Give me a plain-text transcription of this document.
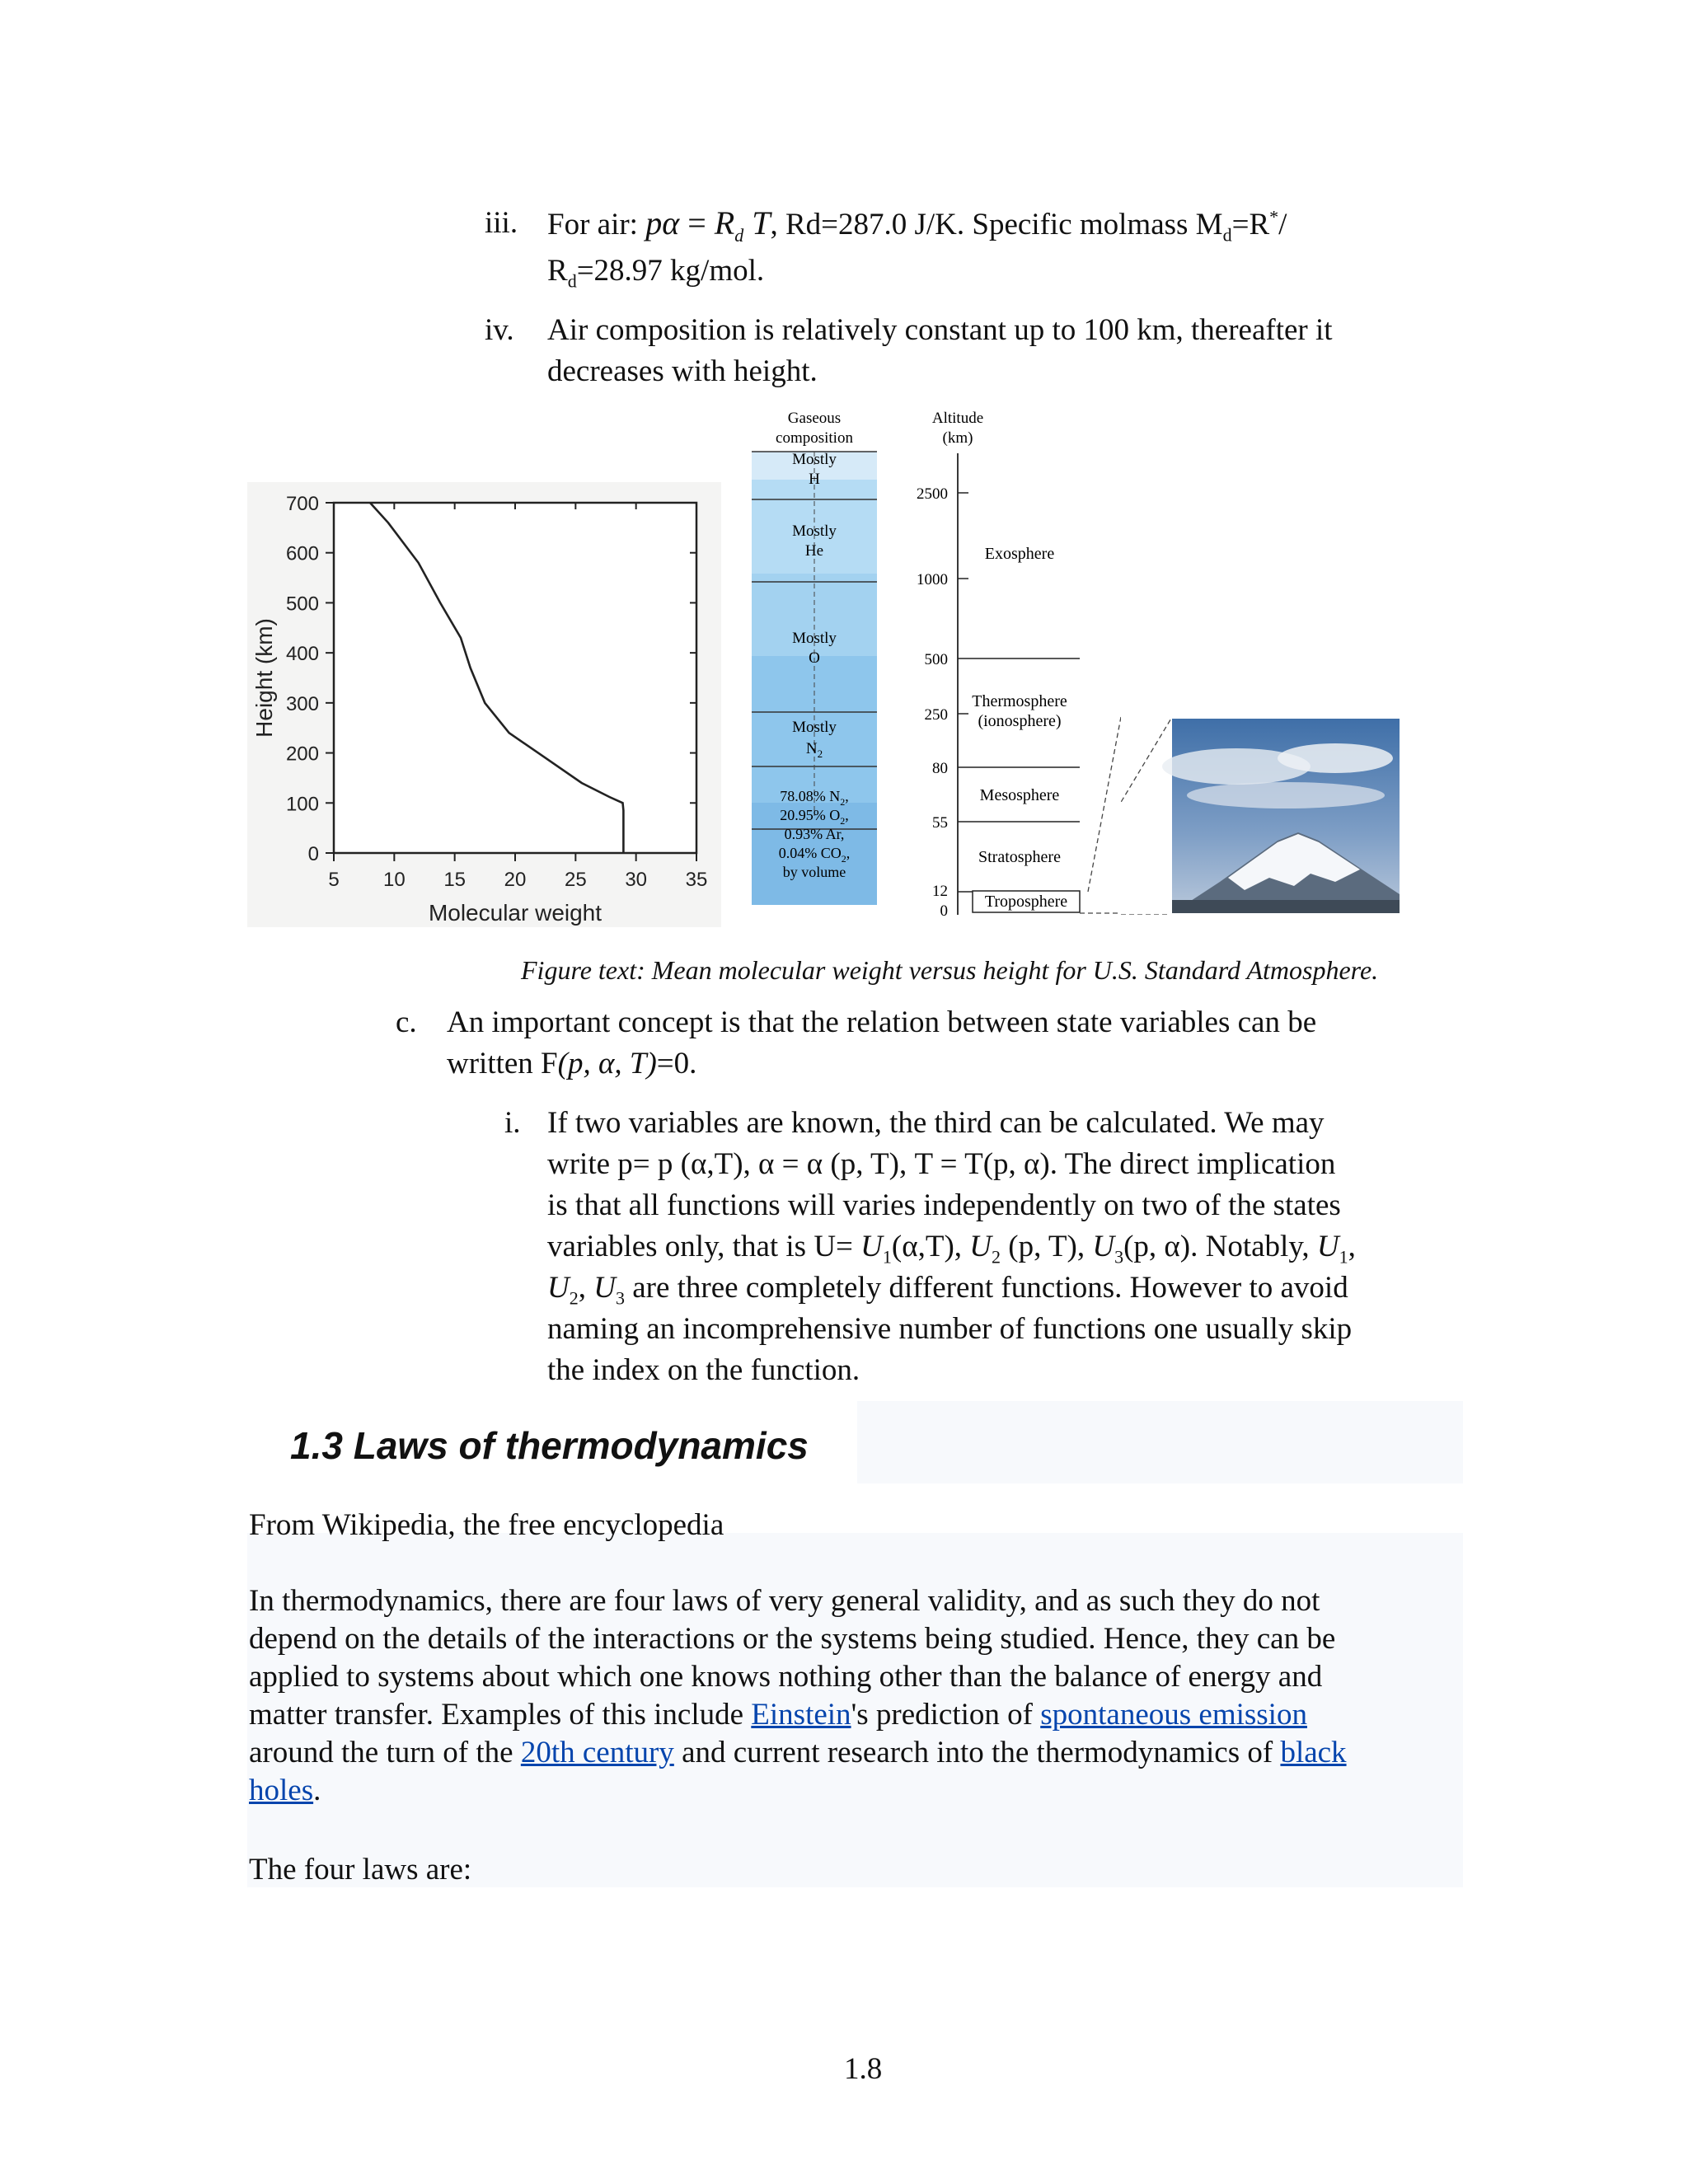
iii. For air: $p\alpha = R_d$ T, Rd=287.0 J/K. Specific molmass $M_d=R^*/$
$R_d=28.97$ kg/mol.
iv. Air composition is relatively constant up to 100 km, thereafter it
decreases with height.
0
100
200
300
400
500
600
700
5 10 15 20 25 30 35
Height (km)
Molecular weight
Gaseous
composition
Mostly
H
Mostly
He
Mostly
O
Mostly
$N_2$
78.08% $N_2$,
20.95% $O_2$,
0.93% Ar,
0.04% $CO_2$,
by volume
Altitude
(km)
2500
1000
500
250
80
55
12
0
Exosphere
Thermosphere
(ionosphere)
Mesosphere
Stratosphere
Troposphere
Figure text: Mean molecular weight versus height for U.S. Standard Atmosphere.
c. An important concept is that the relation between state variables can be
written F(p, α, T)=0.
i. If two variables are known, the third can be calculated. We may
write p= p (α,T), α = α (p, T), T = T(p, α). The direct implication
is that all functions will varies independently on two of the states
variables only, that is $U= U_1(\alpha,T)$, $U_2$ (p, T), $U_3(p$, α). Notably, $U_1$,
$U_2$, $U_3$ are three completely different functions. However to avoid
naming an incomprehensive number of functions one usually skip
the index on the function.
1.3 Laws of thermodynamics
From Wikipedia, the free encyclopedia
In thermodynamics, there are four laws of very general validity, and as such they do not
depend on the details of the interactions or the systems being studied. Hence, they can be
applied to systems about which one knows nothing other than the balance of energy and
matter transfer. Examples of this include Einstein's prediction of spontaneous emission
around the turn of the 20th century and current research into the thermodynamics of black
holes.
The four laws are:
1.8
